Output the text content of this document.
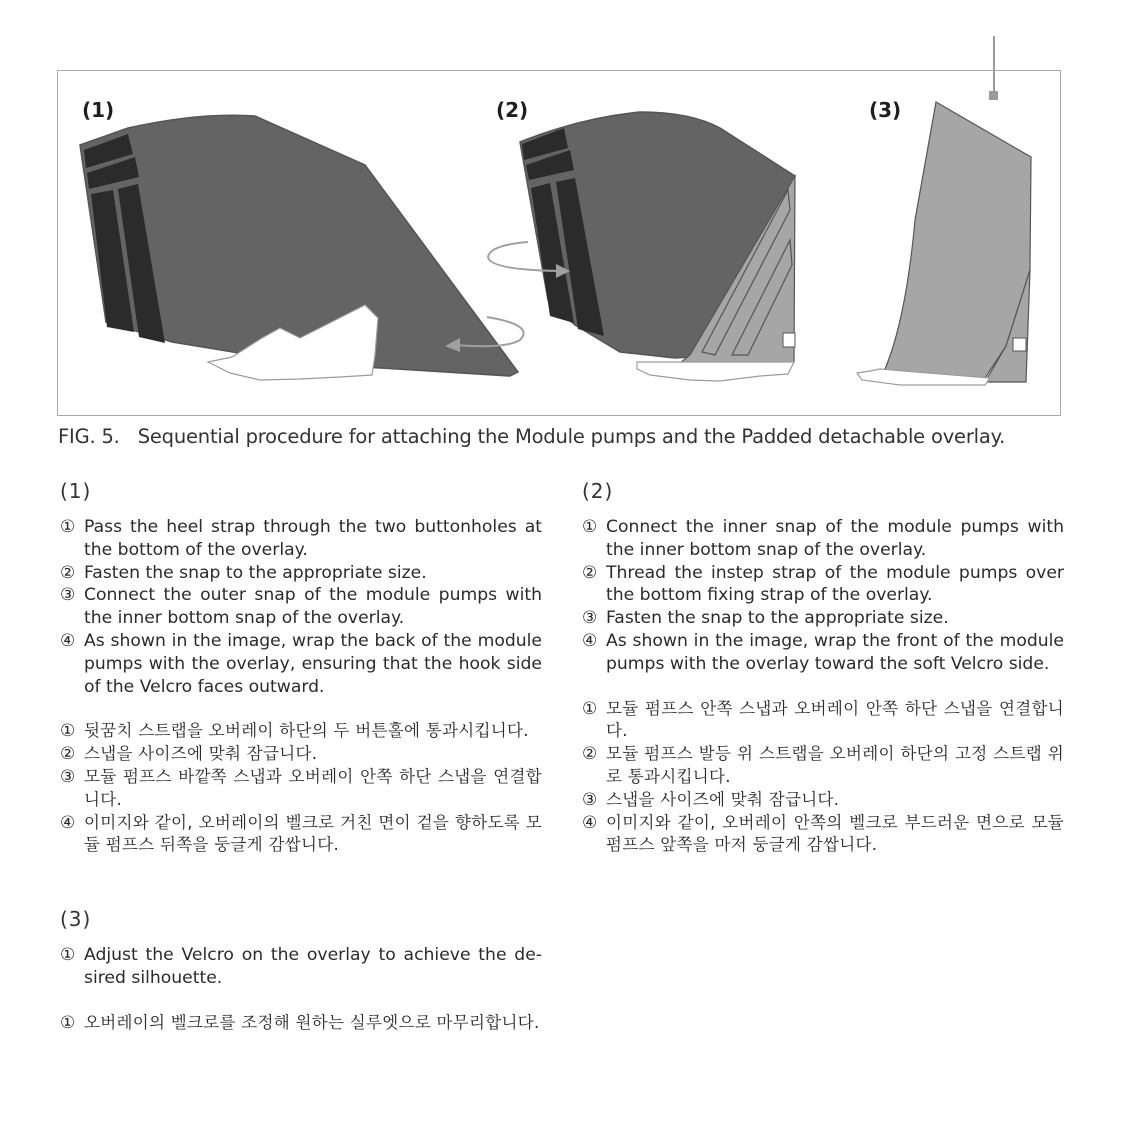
(1)	(2)	(3)
FIG. 5. Sequential procedure for attaching the Module pumps and the Padded detachable overlay.
(1)
① Pass the heel strap through the two buttonholes at the bottom of the overlay.
② Fasten the snap to the appropriate size.
③ Connect the outer snap of the module pumps with the inner bottom snap of the overlay.
④ As shown in the image, wrap the back of the module pumps with the overlay, ensuring that the hook side of the Velcro faces outward.
① 뒷꿈치 스트랩을 오버레이 하단의 두 버튼홀에 통과시킵니다.
② 스냅을 사이즈에 맞춰 잠급니다.
③ 모듈 펌프스 바깥쪽 스냅과 오버레이 안쪽 하단 스냅을 연결합니다.
④ 이미지와 같이, 오버레이의 벨크로 거친 면이 겉을 향하도록 모듈 펌프스 뒤쪽을 둥글게 감쌉니다.
(3)
① Adjust the Velcro on the overlay to achieve the de-sired silhouette.
① 오버레이의 벨크로를 조정해 원하는 실루엣으로 마무리합니다.
(2)
① Connect the inner snap of the module pumps with the inner bottom snap of the overlay.
② Thread the instep strap of the module pumps over the bottom fixing strap of the overlay.
③ Fasten the snap to the appropriate size.
④ As shown in the image, wrap the front of the module pumps with the overlay toward the soft Velcro side.
① 모듈 펌프스 안쪽 스냅과 오버레이 안쪽 하단 스냅을 연결합니다.
② 모듈 펌프스 발등 위 스트랩을 오버레이 하단의 고정 스트랩 위로 통과시킵니다.
③ 스냅을 사이즈에 맞춰 잠급니다.
④ 이미지와 같이, 오버레이 안쪽의 벨크로 부드러운 면으로 모듈 펌프스 앞쪽을 마저 둥글게 감쌉니다.
